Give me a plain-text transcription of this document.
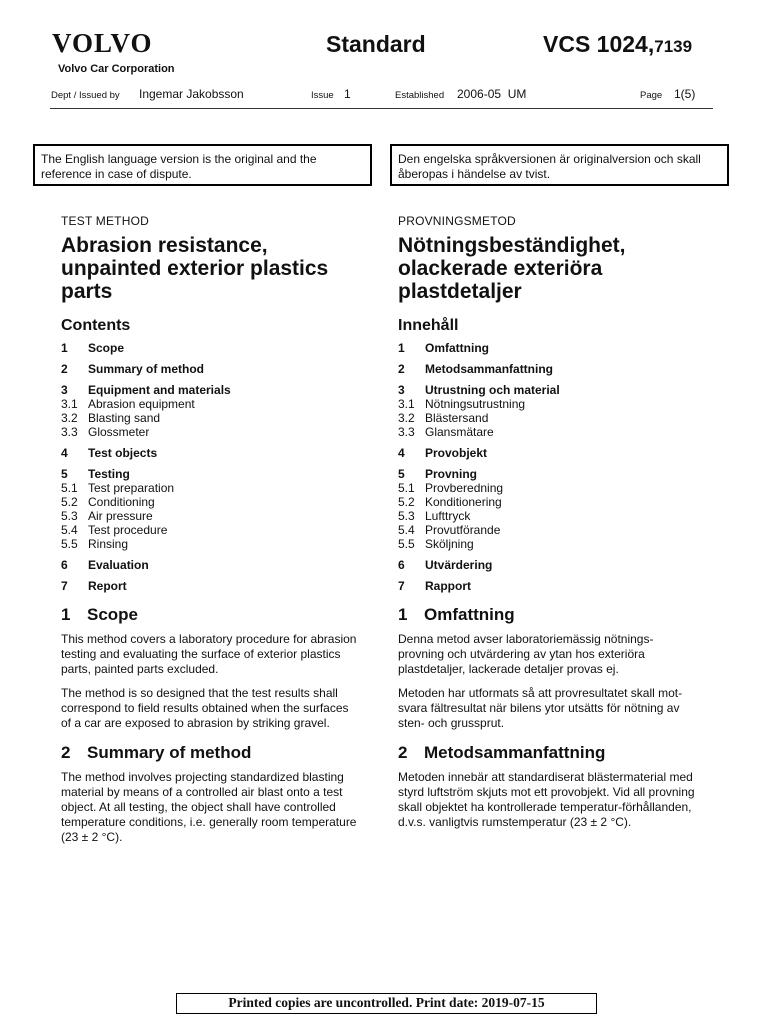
VOLVO
Volvo Car Corporation
Standard	VCS 1024,7139
Dept / Issued by Ingemar Jakobsson	Issue 1	Established 2006-05  UM	Page 1(5)
The English language version is the original and the reference in case of dispute.
Den engelska språkversionen är originalversion och skall åberopas i händelse av tvist.

TEST METHOD

Abrasion resistance, unpainted exterior plastics parts

Contents

1	Scope
2	Summary of method
3	Equipment and materials
3.1 Abrasion equipment
3.2 Blasting sand
3.3 Glossmeter
4	Test objects
5	Testing
5.1 Test preparation
5.2 Conditioning
5.3 Air pressure
5.4 Test procedure
5.5 Rinsing
6	Evaluation
7	Report
1 Scope

This method covers a laboratory procedure for abrasion testing and evaluating the surface of exterior plastics parts, painted parts excluded.

The method is so designed that the test results shall correspond to field results obtained when the surfaces of a car are exposed to abrasion by striking gravel.

2 Summary of method

The method involves projecting standardized blasting material by means of a controlled air blast onto a test object. At all testing, the object shall have controlled temperature conditions, i.e. generally room temperature (23 ± 2 °C).

PROVNINGSMETOD

Nötningsbeständighet, olackerade exteriöra plastdetaljer

Innehåll

1	Omfattning
2	Metodsammanfattning
3	Utrustning och material
3.1 Nötningsutrustning
3.2 Blästersand
3.3 Glansmätare
4	Provobjekt
5	Provning
5.1 Provberedning
5.2 Konditionering
5.3 Lufttryck
5.4 Provutförande
5.5 Sköljning
6	Utvärdering
7	Rapport
1 Omfattning

Denna metod avser laboratoriemässig nötnings-provning och utvärdering av ytan hos exteriöra plastdetaljer, lackerade detaljer provas ej.

Metoden har utformats så att provresultatet skall mot-svara fältresultat när bilens ytor utsätts för nötning av sten- och grussprut.

2 Metodsammanfattning

Metoden innebär att standardiserat blästermaterial med styrd luftström skjuts mot ett provobjekt. Vid all provning skall objektet ha kontrollerade temperatur-förhållanden, d.v.s. vanligtvis rumstemperatur (23 ± 2 °C).

Printed copies are uncontrolled. Print date: 2019-07-15
